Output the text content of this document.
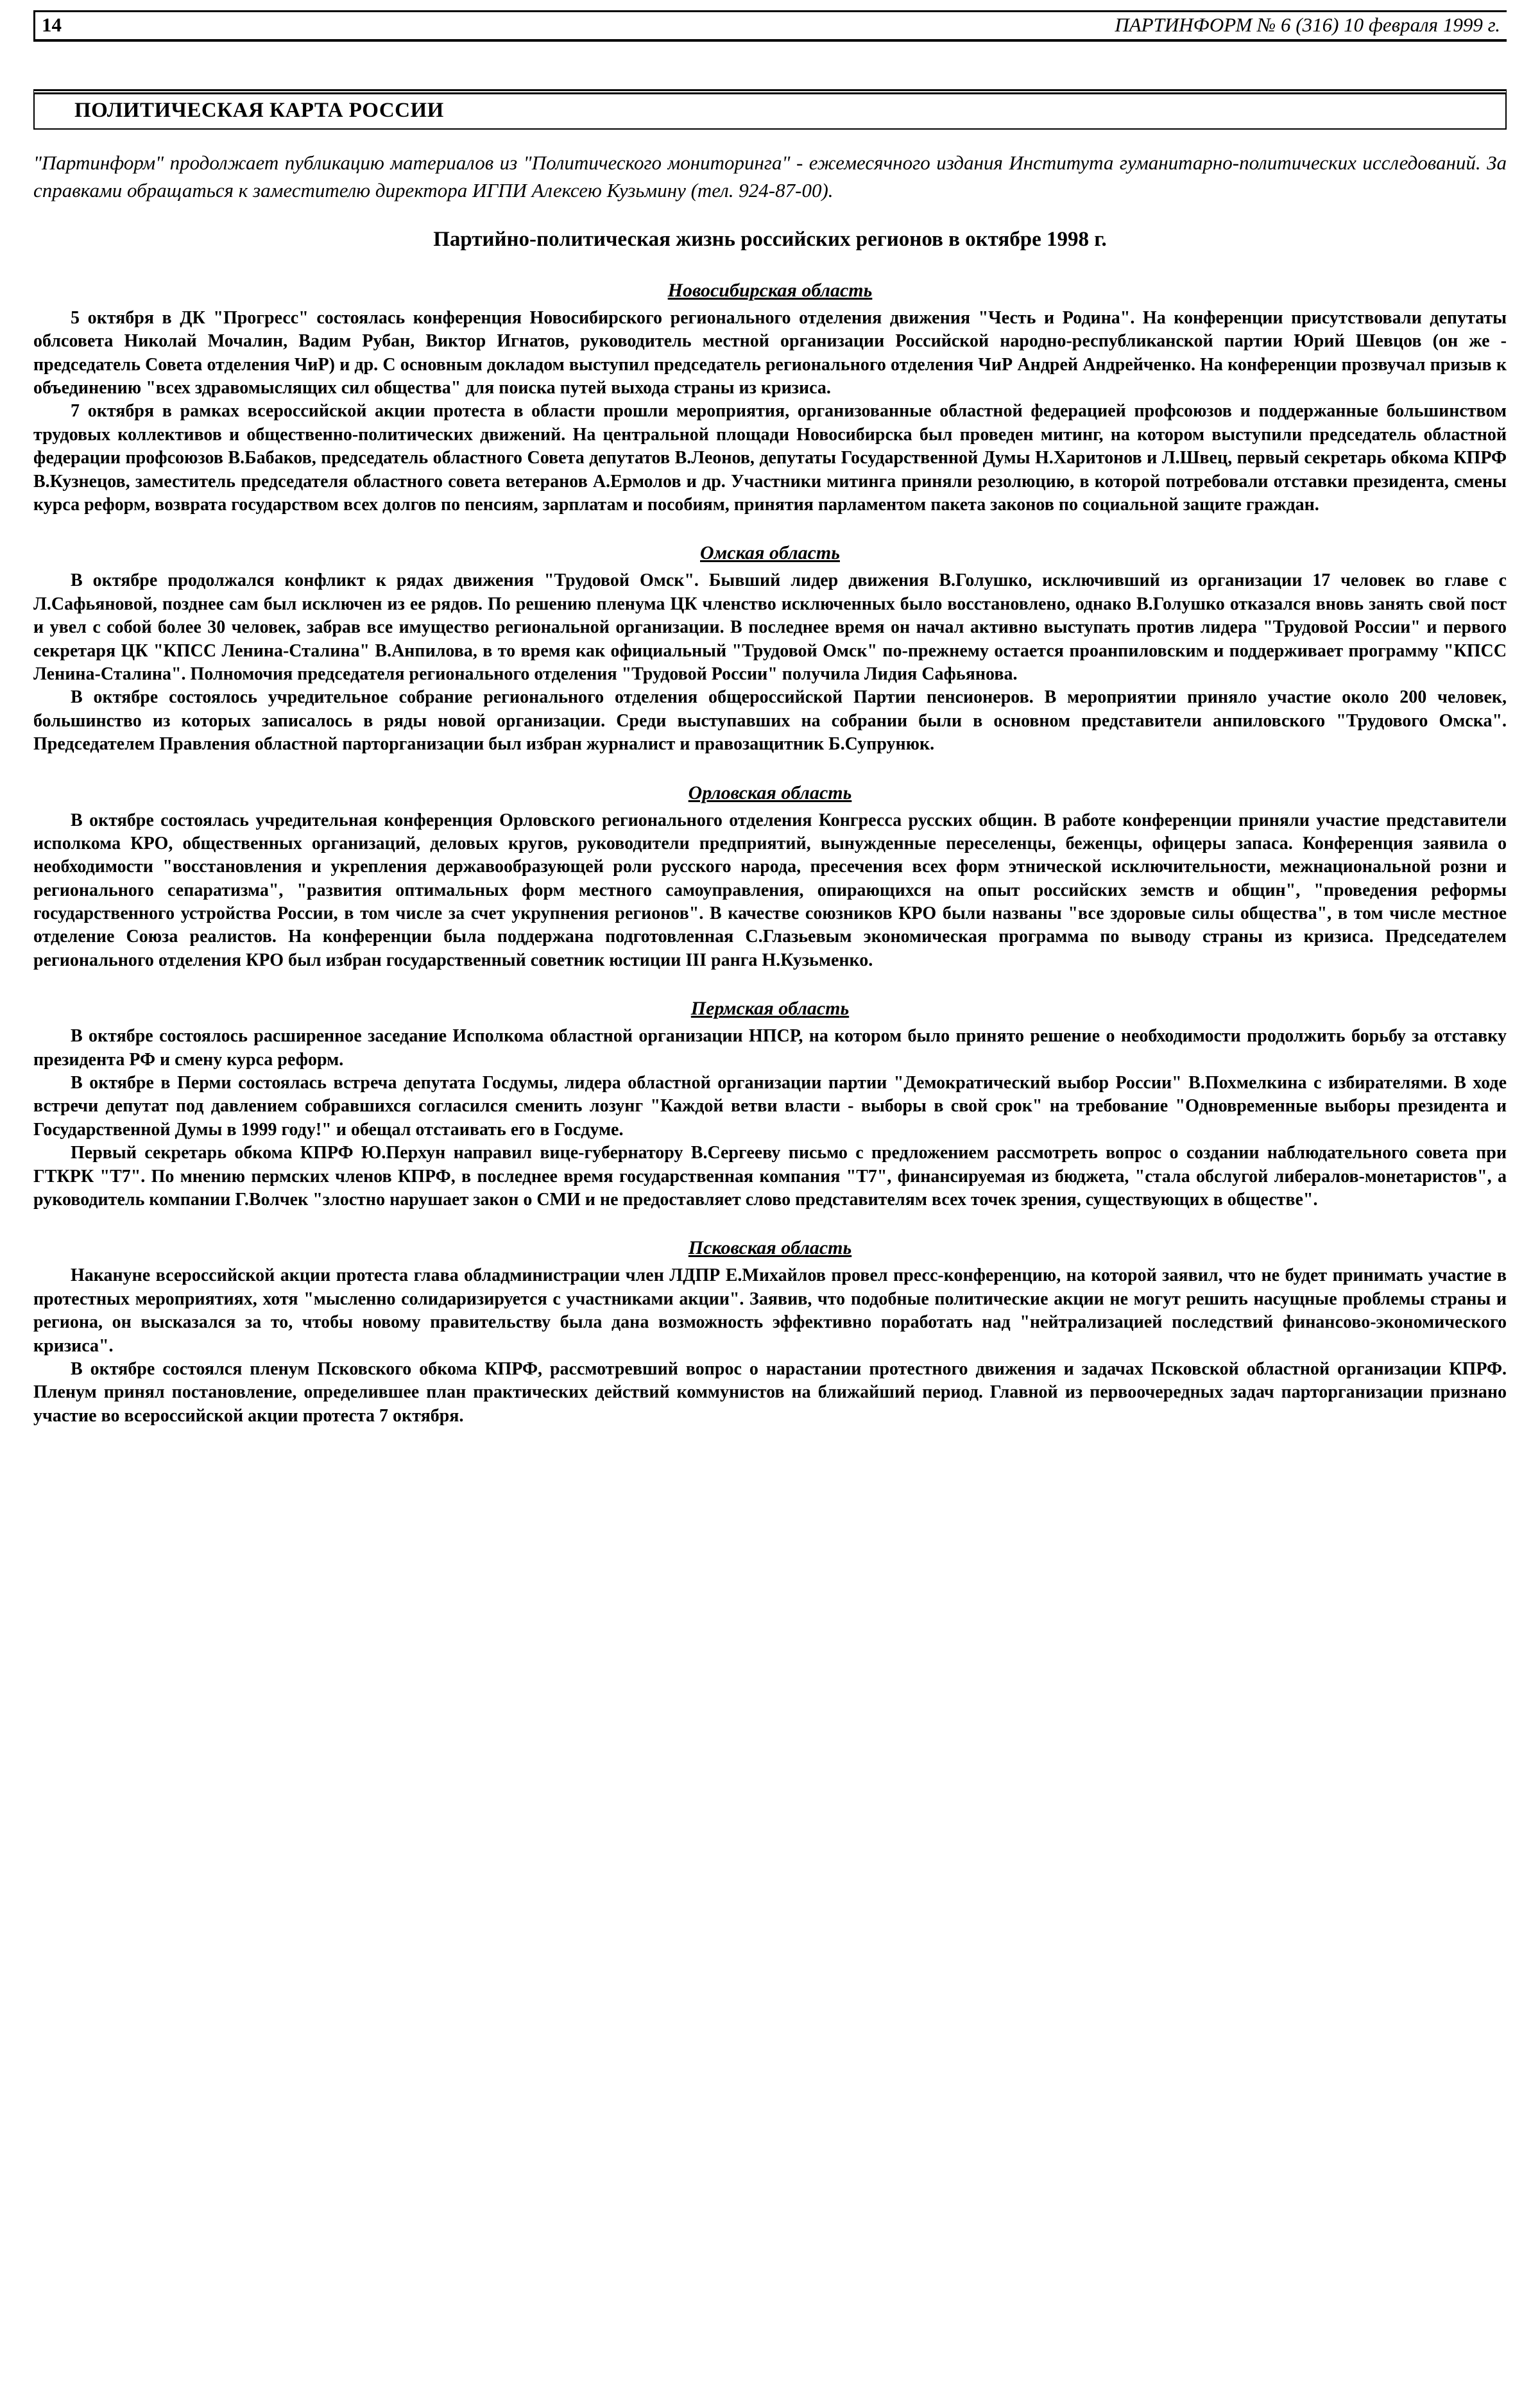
14	ПАРТИНФОРМ № 6 (316) 10 февраля 1999 г.
ПОЛИТИЧЕСКАЯ КАРТА РОССИИ

"Партинформ" продолжает публикацию материалов из "Политического мониторинга" - ежемесячного издания Института гуманитарно-политических исследований. За справками обращаться к заместителю директора ИГПИ Алексею Кузьмину (тел. 924-87-00).

Партийно-политическая жизнь российских регионов в октябре 1998 г.
Новосибирская область

5 октября в ДК "Прогресс" состоялась конференция Новосибирского регионального отделения движения "Честь и Родина". На конференции присутствовали депутаты облсовета Николай Мочалин, Вадим Рубан, Виктор Игнатов, руководитель местной организации Российской народно-республиканской партии Юрий Шевцов (он же - председатель Совета отделения ЧиР) и др. С основным докладом выступил председатель регионального отделения ЧиР Андрей Андрейченко. На конференции прозвучал призыв к объединению "всех здравомыслящих сил общества" для поиска путей выхода страны из кризиса.

7 октября в рамках всероссийской акции протеста в области прошли мероприятия, организованные областной федерацией профсоюзов и поддержанные большинством трудовых коллективов и общественно-политических движений. На центральной площади Новосибирска был проведен митинг, на котором выступили председатель областной федерации профсоюзов В.Бабаков, председатель областного Совета депутатов В.Леонов, депутаты Государственной Думы Н.Харитонов и Л.Швец, первый секретарь обкома КПРФ В.Кузнецов, заместитель председателя областного совета ветеранов А.Ермолов и др. Участники митинга приняли резолюцию, в которой потребовали отставки президента, смены курса реформ, возврата государством всех долгов по пенсиям, зарплатам и пособиям, принятия парламентом пакета законов по социальной защите граждан.

Омская область

В октябре продолжался конфликт к рядах движения "Трудовой Омск". Бывший лидер движения В.Голушко, исключивший из организации 17 человек во главе с Л.Сафьяновой, позднее сам был исключен из ее рядов. По решению пленума ЦК членство исключенных было восстановлено, однако В.Голушко отказался вновь занять свой пост и увел с собой более 30 человек, забрав все имущество региональной организации. В последнее время он начал активно выступать против лидера "Трудовой России" и первого секретаря ЦК "КПСС Ленина-Сталина" В.Анпилова, в то время как официальный "Трудовой Омск" по-прежнему остается проанпиловским и поддерживает программу "КПСС Ленина-Сталина". Полномочия председателя регионального отделения "Трудовой России" получила Лидия Сафьянова.

В октябре состоялось учредительное собрание регионального отделения общероссийской Партии пенсионеров. В мероприятии приняло участие около 200 человек, большинство из которых записалось в ряды новой организации. Среди выступавших на собрании были в основном представители анпиловского "Трудового Омска". Председателем Правления областной парторганизации был избран журналист и правозащитник Б.Супрунюк.

Орловская область

В октябре состоялась учредительная конференция Орловского регионального отделения Конгресса русских общин. В работе конференции приняли участие представители исполкома КРО, общественных организаций, деловых кругов, руководители предприятий, вынужденные переселенцы, беженцы, офицеры запаса. Конференция заявила о необходимости "восстановления и укрепления державообразующей роли русского народа, пресечения всех форм этнической исключительности, межнациональной розни и регионального сепаратизма", "развития оптимальных форм местного самоуправления, опирающихся на опыт российских земств и общин", "проведения реформы государственного устройства России, в том числе за счет укрупнения регионов". В качестве союзников КРО были названы "все здоровые силы общества", в том числе местное отделение Союза реалистов. На конференции была поддержана подготовленная С.Глазьевым экономическая программа по выводу страны из кризиса. Председателем регионального отделения КРО был избран государственный советник юстиции III ранга Н.Кузьменко.

Пермская область

В октябре состоялось расширенное заседание Исполкома областной организации НПСР, на котором было принято решение о необходимости продолжить борьбу за отставку президента РФ и смену курса реформ.

В октябре в Перми состоялась встреча депутата Госдумы, лидера областной организации партии "Демократический выбор России" В.Похмелкина с избирателями. В ходе встречи депутат под давлением собравшихся согласился сменить лозунг "Каждой ветви власти - выборы в свой срок" на требование "Одновременные выборы президента и Государственной Думы в 1999 году!" и обещал отстаивать его в Госдуме.

Первый секретарь обкома КПРФ Ю.Перхун направил вице-губернатору В.Сергееву письмо с предложением рассмотреть вопрос о создании наблюдательного совета при ГТКРК "Т7". По мнению пермских членов КПРФ, в последнее время государственная компания "Т7", финансируемая из бюджета, "стала обслугой либералов-монетаристов", а руководитель компании Г.Волчек "злостно нарушает закон о СМИ и не предоставляет слово представителям всех точек зрения, существующих в обществе".

Псковская область

Накануне всероссийской акции протеста глава обладминистрации член ЛДПР Е.Михайлов провел пресс-конференцию, на которой заявил, что не будет принимать участие в протестных мероприятиях, хотя "мысленно солидаризируется с участниками акции". Заявив, что подобные политические акции не могут решить насущные проблемы страны и региона, он высказался за то, чтобы новому правительству была дана возможность эффективно поработать над "нейтрализацией последствий финансово-экономического кризиса".

В октябре состоялся пленум Псковского обкома КПРФ, рассмотревший вопрос о нарастании протестного движения и задачах Псковской областной организации КПРФ. Пленум принял постановление, определившее план практических действий коммунистов на ближайший период. Главной из первоочередных задач парторганизации признано участие во всероссийской акции протеста 7 октября.
